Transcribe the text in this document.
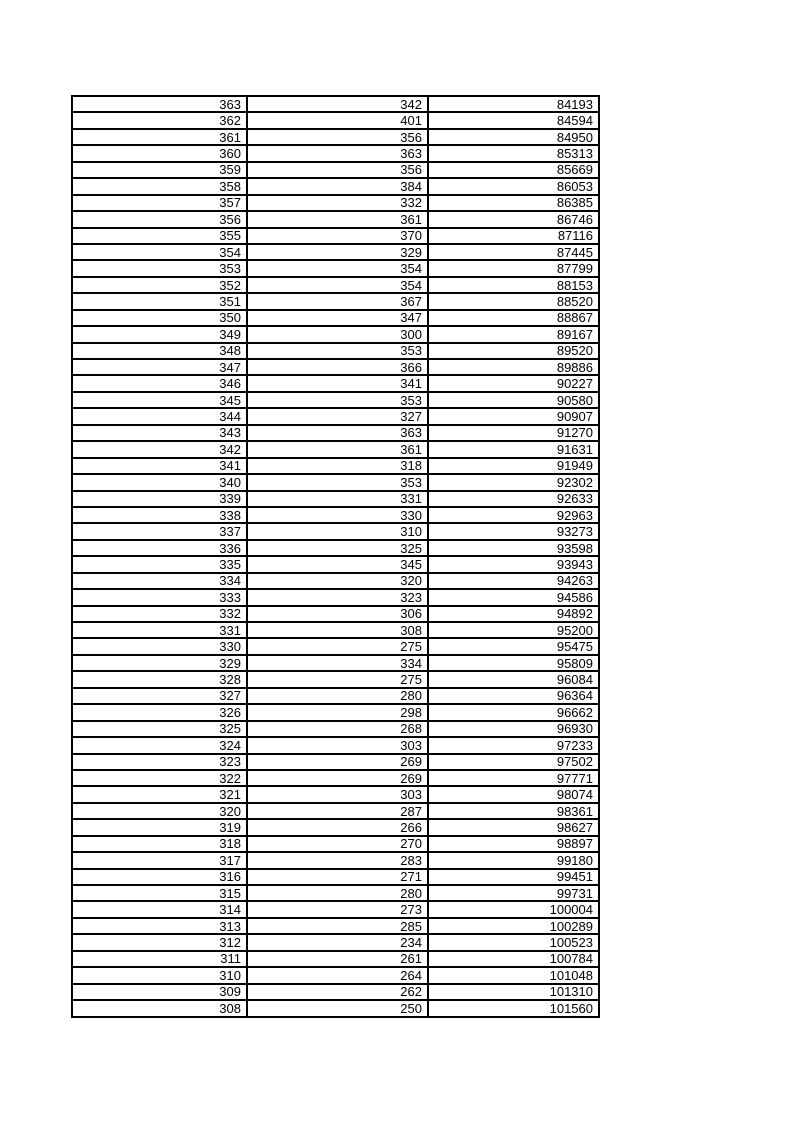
363	342	84193
362	401	84594
361	356	84950
360	363	85313
359	356	85669
358	384	86053
357	332	86385
356	361	86746
355	370	87116
354	329	87445
353	354	87799
352	354	88153
351	367	88520
350	347	88867
349	300	89167
348	353	89520
347	366	89886
346	341	90227
345	353	90580
344	327	90907
343	363	91270
342	361	91631
341	318	91949
340	353	92302
339	331	92633
338	330	92963
337	310	93273
336	325	93598
335	345	93943
334	320	94263
333	323	94586
332	306	94892
331	308	95200
330	275	95475
329	334	95809
328	275	96084
327	280	96364
326	298	96662
325	268	96930
324	303	97233
323	269	97502
322	269	97771
321	303	98074
320	287	98361
319	266	98627
318	270	98897
317	283	99180
316	271	99451
315	280	99731
314	273	100004
313	285	100289
312	234	100523
311	261	100784
310	264	101048
309	262	101310
308	250	101560
